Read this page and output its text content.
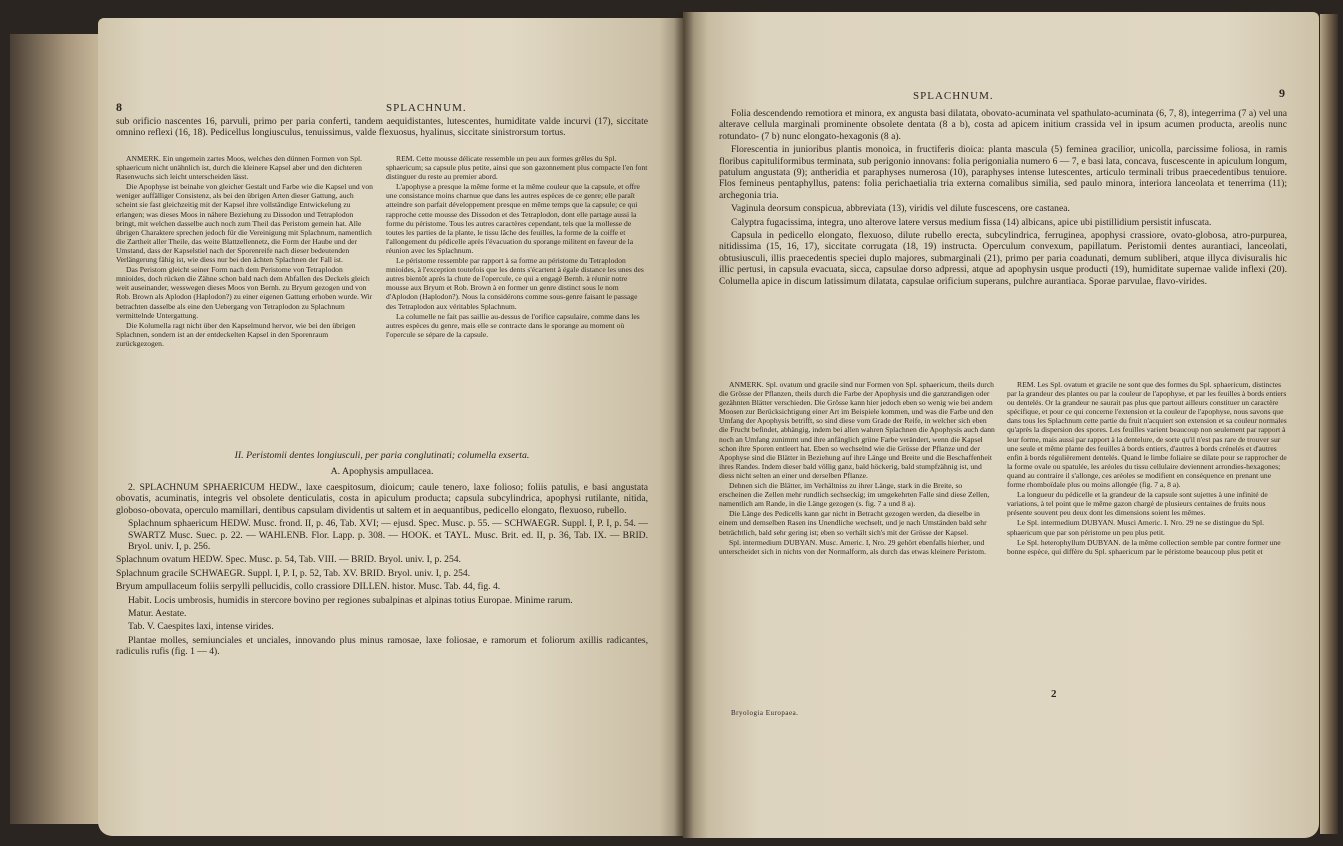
8	SPLACHNUM.
sub orificio nascentes 16, parvuli, primo per paria conferti, tandem aequidistantes, lutescentes, humiditate valde incurvi (17), siccitate omnino reflexi (16, 18). Pedicellus longiusculus, tenuissimus, valde flexuosus, hyalinus, siccitate sinistrorsum tortus.

ANMERK. Ein ungemein zartes Moos, welches den dünnen Formen von Spl. sphaericum nicht unähnlich ist, durch die kleinere Kapsel aber und den dichteren Rasenwuchs sich leicht unterscheiden lässt.

Die Apophyse ist beinahe von gleicher Gestalt und Farbe wie die Kapsel und von weniger auffälliger Consistenz, als bei den übrigen Arten dieser Gattung, auch scheint sie fast gleichzeitig mit der Kapsel ihre vollständige Entwickelung zu erlangen; was dieses Moos in nähere Beziehung zu Dissodon und Tetraplodon bringt, mit welchen dasselbe auch noch zum Theil das Peristom gemein hat. Alle übrigen Charaktere sprechen jedoch für die Vereinigung mit Splachnum, namentlich die Zartheit aller Theile, das weite Blattzellennetz, die Form der Haube und der Umstand, dass der Kapselstiel nach der Sporenreife nach dieser bedeutenden Verlängerung fähig ist, wie diess nur bei den ächten Splachnen der Fall ist.

Das Peristom gleicht seiner Form nach dem Peristome von Tetraplodon mnioides, doch rücken die Zähne schon bald nach dem Abfallen des Deckels gleich weit auseinander, wesswegen dieses Moos von Bernh. zu Bryum gezogen und von Rob. Brown als Aplodon (Haplodon?) zu einer eigenen Gattung erhoben wurde. Wir betrachten dasselbe als eine den Uebergang von Tetraplodon zu Splachnum vermittelnde Untergattung.

Die Kolumella ragt nicht über den Kapselmund hervor, wie bei den übrigen Splachnen, sondern ist an der entdeckelten Kapsel in den Sporenraum zurückgezogen.

REM. Cette mousse délicate ressemble un peu aux formes grêles du Spl. sphaericum; sa capsule plus petite, ainsi que son gazonnement plus compacte l'en font distinguer du reste au premier abord.

L'apophyse a presque la même forme et la même couleur que la capsule, et offre une consistance moins charnue que dans les autres espèces de ce genre; elle paraît atteindre son parfait développement presque en même temps que la capsule; ce qui rapproche cette mousse des Dissodon et des Tetraplodon, dont elle partage aussi la forme du péristome. Tous les autres caractères cependant, tels que la mollesse de toutes les parties de la plante, le tissu lâche des feuilles, la forme de la coiffe et l'allongement du pédicelle après l'évacuation du sporange militent en faveur de la réunion avec les Splachnum.

Le péristome ressemble par rapport à sa forme au péristome du Tetraplodon mnioides, à l'exception toutefois que les dents s'écartent à égale distance les unes des autres bientôt après la chute de l'opercule, ce qui a engagé Bernh. à réunir notre mousse aux Bryum et Rob. Brown à en former un genre distinct sous le nom d'Aplodon (Haplodon?). Nous la considérons comme sous-genre faisant le passage des Tetraplodon aux véritables Splachnum.

La columelle ne fait pas saillie au-dessus de l'orifice capsulaire, comme dans les autres espèces du genre, mais elle se contracte dans le sporange au moment où l'opercule se sépare de la capsule.

II. Peristomii dentes longiusculi, per paria conglutinati; columella exserta.
A. Apophysis ampullacea.

2. SPLACHNUM SPHAERICUM HEDW., laxe caespitosum, dioicum; caule tenero, laxe folioso; foliis patulis, e basi angustata obovatis, acuminatis, integris vel obsolete denticulatis, costa in apiculum producta; capsula subcylindrica, apophysi rutilante, nitida, globoso-obovata, operculo mamillari, dentibus capsulam dividentis ut saltem et in aequantibus, pedicello elongato, flexuoso, rubello.

Splachnum sphaericum HEDW. Musc. frond. II, p. 46, Tab. XVI; — ejusd. Spec. Musc. p. 55. — SCHWAEGR. Suppl. I, P. I, p. 54. — SWARTZ Musc. Suec. p. 22. — WAHLENB. Flor. Lapp. p. 308. — HOOK. et TAYL. Musc. Brit. ed. II, p. 36, Tab. IX. — BRID. Bryol. univ. I, p. 256.

Splachnum ovatum HEDW. Spec. Musc. p. 54, Tab. VIII. — BRID. Bryol. univ. I, p. 254.

Splachnum gracile SCHWAEGR. Suppl. I, P. I, p. 52, Tab. XV. BRID. Bryol. univ. I, p. 254.

Bryum ampullaceum foliis serpylli pellucidis, collo crassiore DILLEN. histor. Musc. Tab. 44, fig. 4.

Habit. Locis umbrosis, humidis in stercore bovino per regiones subalpinas et alpinas totius Europae. Minime rarum.

Matur. Aestate.

Tab. V. Caespites laxi, intense virides.

Plantae molles, semiunciales et unciales, innovando plus minus ramosae, laxe foliosae, e ramorum et foliorum axillis radicantes, radiculis rufis (fig. 1 — 4).

SPLACHNUM.	9

Folia descendendo remotiora et minora, ex angusta basi dilatata, obovato-acuminata vel spathulato-acuminata (6, 7, 8), integerrima (7 a) vel una alterave cellula marginali prominente obsolete dentata (8 a b), costa ad apicem initium crassida vel in ipsum acumen producta, areolis nunc rotundato- (7 b) nunc elongato-hexagonis (8 a).

Florescentia in junioribus plantis monoica, in fructiferis dioica: planta mascula (5) feminea gracilior, unicolla, parcissime foliosa, in ramis floribus capituliformibus terminata, sub perigonio innovans: folia perigonialia numero 6 — 7, e basi lata, concava, fuscescente in apiculum longum, patulum angustata (9); antheridia et paraphyses numerosa (10), paraphyses intense lutescentes, articulo terminali tribus praecedentibus tenuiore. Flos femineus pentaphyllus, patens: folia perichaetialia tria externa comalibus similia, sed paulo minora, interiora lanceolata et tenerrima (11); archegonia tria.

Vaginula deorsum conspicua, abbreviata (13), viridis vel dilute fuscescens, ore castanea.

Calyptra fugacissima, integra, uno alterove latere versus medium fissa (14) albicans, apice ubi pistillidium persistit infuscata.

Capsula in pedicello elongato, flexuoso, dilute rubello erecta, subcylindrica, ferruginea, apophysi crassiore, ovato-globosa, atro-purpurea, nitidissima (15, 16, 17), siccitate corrugata (18, 19) instructa. Operculum convexum, papillatum. Peristomii dentes aurantiaci, lanceolati, obtusiusculi, illis praecedentis speciei duplo majores, submarginali (21), primo per paria coadunati, demum subliberi, atque illyca divisuralis hic illic pertusi, in capsula evacuata, sicca, capsulae dorso adpressi, atque ad apophysin usque producti (19), humiditate supernae valide inflexi (20). Columella apice in discum latissimum dilatata, capsulae orificium superans, pulchre aurantiaca. Sporae parvulae, flavo-virides.

ANMERK. Spl. ovatum und gracile sind nur Formen von Spl. sphaericum, theils durch die Grösse der Pflanzen, theils durch die Farbe der Apophysis und die ganzrandigen oder gezähnten Blätter verschieden. Die Grösse kann hier jedoch eben so wenig wie bei andern Moosen zur Berücksichtigung einer Art im Beispiele kommen, und was die Farbe und den Umfang der Apophysis betrifft, so sind diese vom Grade der Reife, in welcher sich eben die Frucht befindet, abhängig, indem bei allen wahren Splachnen die Apophysis auch dann noch an Umfang zunimmt und ihre anfänglich grüne Farbe verändert, wenn die Kapsel schon ihre Sporen entleert hat. Eben so wechselnd wie die Grösse der Pflanze und der Apophyse sind die Blätter in Beziehung auf ihre Länge und Breite und die Beschaffenheit ihres Randes. Indem dieser bald völlig ganz, bald höckerig, bald stumpfzähnig ist, und diess nicht selten an einer und derselben Pflanze.

Dehnen sich die Blätter, im Verhältniss zu ihrer Länge, stark in die Breite, so erscheinen die Zellen mehr rundlich sechseckig; im umgekehrten Falle sind diese Zellen, namentlich am Rande, in die Länge gezogen (s. fig. 7 a und 8 a).

Die Länge des Pedicells kann gar nicht in Betracht gezogen werden, da dieselbe in einem und demselben Rasen ins Unendliche wechselt, und je nach Umständen bald sehr beträchtlich, bald sehr gering ist; eben so verhält sich's mit der Grösse der Kapsel.

Spl. intermedium DUBYAN. Musc. Americ. I, Nro. 29 gehört ebenfalls hierher, und unterscheidet sich in nichts von der Normalform, als durch das etwas kleinere Peristom.

REM. Les Spl. ovatum et gracile ne sont que des formes du Spl. sphaericum, distinctes par la grandeur des plantes ou par la couleur de l'apophyse, et par les feuilles à bords entiers ou dentelés. Or la grandeur ne saurait pas plus que partout ailleurs constituer un caractère spécifique, et pour ce qui concerne l'extension et la couleur de l'apophyse, nous savons que dans tous les Splachnum cette partie du fruit n'acquiert son extension et sa couleur normales qu'après la dispersion des spores. Les feuilles varient beaucoup non seulement par rapport à leur forme, mais aussi par rapport à la dentelure, de sorte qu'il n'est pas rare de trouver sur une seule et même plante des feuilles à bords entiers, d'autres à bords crénelés et d'autres enfin à bords régulièrement dentelés. Quand le limbe foliaire se dilate pour se rapprocher de la forme ovale ou spatulée, les aréoles du tissu cellulaire deviennent arrondies-hexagones; quand au contraire il s'allonge, ces aréoles se modifient en conséquence en prenant une forme rhomboïdale plus ou moins allongée (fig. 7 a, 8 a).

La longueur du pédicelle et la grandeur de la capsule sont sujettes à une infinité de variations, à tel point que le même gazon chargé de plusieurs centaines de fruits nous présente souvent peu deux dont les dimensions soient les mêmes.

Le Spl. intermedium DUBYAN. Musci Americ. I. Nro. 29 ne se distingue du Spl. sphaericum que par son péristome un peu plus petit.

Le Spl. heterophyllum DUBYAN. de la même collection semble par contre former une bonne espèce, qui diffère du Spl. sphaericum par le péristome beaucoup plus petit et

Bryologia Europaea.
2
